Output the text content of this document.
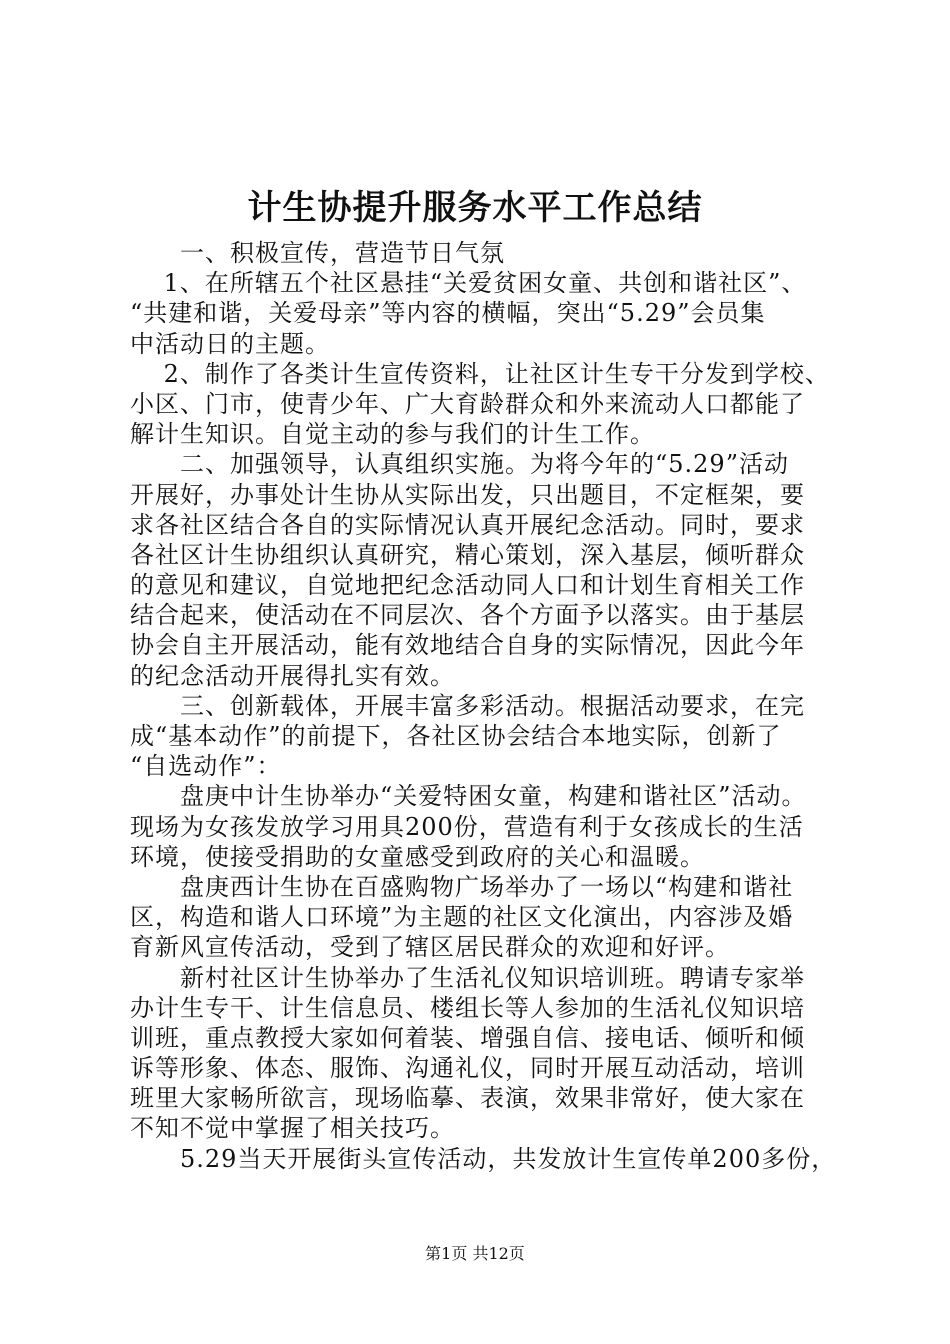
计生协提升服务水平工作总结
　　一、积极宣传，营造节日气氛
　 1、在所辖五个社区悬挂“关爱贫困女童、共创和谐社区”、
“共建和谐，关爱母亲”等内容的横幅，突出“5.29”会员集
中活动日的主题。
　 2、制作了各类计生宣传资料，让社区计生专干分发到学校、
小区、门市，使青少年、广大育龄群众和外来流动人口都能了
解计生知识。自觉主动的参与我们的计生工作。
　　二、加强领导，认真组织实施。为将今年的“5.29”活动
开展好，办事处计生协从实际出发，只出题目，不定框架，要
求各社区结合各自的实际情况认真开展纪念活动。同时，要求
各社区计生协组织认真研究，精心策划，深入基层，倾听群众
的意见和建议，自觉地把纪念活动同人口和计划生育相关工作
结合起来，使活动在不同层次、各个方面予以落实。由于基层
协会自主开展活动，能有效地结合自身的实际情况，因此今年
的纪念活动开展得扎实有效。
　　三、创新载体，开展丰富多彩活动。根据活动要求，在完
成“基本动作”的前提下，各社区协会结合本地实际，创新了
“自选动作”：
　　盘庚中计生协举办“关爱特困女童，构建和谐社区”活动。
现场为女孩发放学习用具200份，营造有利于女孩成长的生活
环境，使接受捐助的女童感受到政府的关心和温暖。
　　盘庚西计生协在百盛购物广场举办了一场以“构建和谐社
区，构造和谐人口环境”为主题的社区文化演出，内容涉及婚
育新风宣传活动，受到了辖区居民群众的欢迎和好评。
　　新村社区计生协举办了生活礼仪知识培训班。聘请专家举
办计生专干、计生信息员、楼组长等人参加的生活礼仪知识培
训班，重点教授大家如何着装、增强自信、接电话、倾听和倾
诉等形象、体态、服饰、沟通礼仪，同时开展互动活动，培训
班里大家畅所欲言，现场临摹、表演，效果非常好，使大家在
不知不觉中掌握了相关技巧。
　　5.29当天开展街头宣传活动，共发放计生宣传单200多份，
第1页 共12页
